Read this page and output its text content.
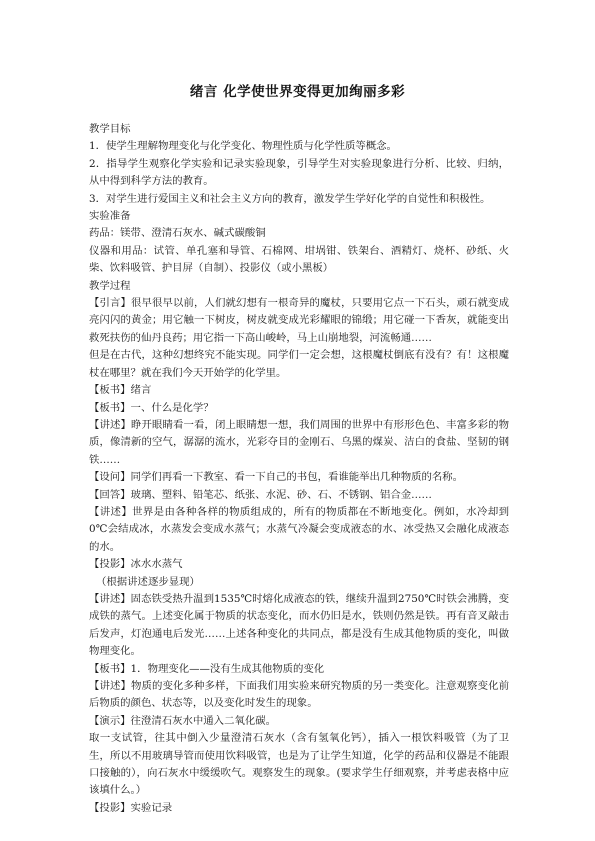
绪言 化学使世界变得更加绚丽多彩

教学目标

1．使学生理解物理变化与化学变化、物理性质与化学性质等概念。

2．指导学生观察化学实验和记录实验现象，引导学生对实验现象进行分析、比较、归纳，从中得到科学方法的教育。

3．对学生进行爱国主义和社会主义方向的教育，激发学生学好化学的自觉性和积极性。

实验准备

药品：镁带、澄清石灰水、碱式碳酸铜

仪器和用品：试管、单孔塞和导管、石棉网、坩埚钳、铁架台、酒精灯、烧杯、砂纸、火柴、饮料吸管、护目屏（自制）、投影仪（或小黑板）

教学过程

【引言】很早很早以前，人们就幻想有一根奇异的魔杖，只要用它点一下石头，顽石就变成亮闪闪的黄金；用它触一下树皮，树皮就变成光彩耀眼的锦缎；用它碰一下香灰，就能变出救死扶伤的仙丹良药；用它指一下高山峻岭，马上山崩地裂，河流畅通……

但是在古代，这种幻想终究不能实现。同学们一定会想，这根魔杖倒底有没有？有！这根魔杖在哪里？就在我们今天开始学的化学里。

【板书】绪言

【板书】一、什么是化学？

【讲述】睁开眼睛看一看，闭上眼睛想一想，我们周围的世界中有形形色色、丰富多彩的物质，像清新的空气，潺潺的流水，光彩夺目的金刚石、乌黑的煤炭、洁白的食盐、坚韧的钢铁……

【设问】同学们再看一下教室、看一下自己的书包，看谁能举出几种物质的名称。

【回答】玻璃、塑料、铅笔芯、纸张、水泥、砂、石、不锈钢、铝合金……

【讲述】世界是由各种各样的物质组成的，所有的物质都在不断地变化。例如，水冷却到0℃会结成冰，水蒸发会变成水蒸气；水蒸气冷凝会变成液态的水、冰受热又会融化成液态的水。

【投影】冰水水蒸气

（根据讲述逐步显现）

【讲述】固态铁受热升温到1535℃时熔化成液态的铁，继续升温到2750℃时铁会沸腾，变成铁的蒸气。上述变化属于物质的状态变化，而水仍旧是水，铁则仍然是铁。再有音叉敲击后发声，灯泡通电后发光……上述各种变化的共同点，都是没有生成其他物质的变化，叫做物理变化。

【板书】1．物理变化——没有生成其他物质的变化

【讲述】物质的变化多种多样，下面我们用实验来研究物质的另一类变化。注意观察变化前后物质的颜色、状态等，以及变化时发生的现象。

【演示】往澄清石灰水中通入二氧化碳。

取一支试管，往其中倒入少量澄清石灰水（含有氢氧化钙），插入一根饮料吸管（为了卫生，所以不用玻璃导管而使用饮料吸管，也是为了让学生知道，化学的药品和仪器是不能跟口接触的），向石灰水中缓缓吹气。观察发生的现象。(要求学生仔细观察，并考虑表格中应该填什么。）

【投影】实验记录
